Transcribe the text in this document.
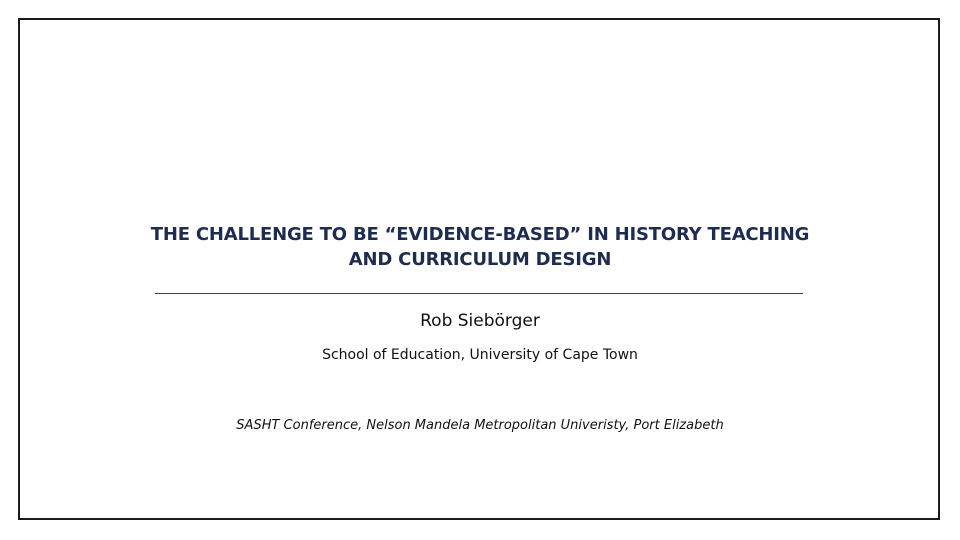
THE CHALLENGE TO BE “EVIDENCE-BASED” IN HISTORY TEACHING
AND CURRICULUM DESIGN
Rob Siebörger
School of Education, University of Cape Town
SASHT Conference, Nelson Mandela Metropolitan Univeristy, Port Elizabeth
